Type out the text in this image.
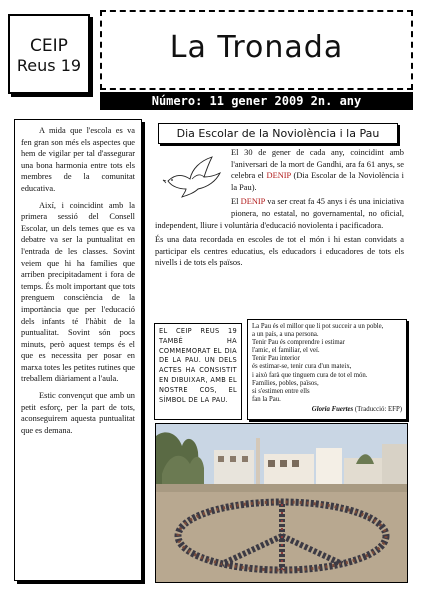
CEIP
Reus 19
La Tronada
Número: 11 gener 2009 2n. any

A mida que l'escola es va fen gran son més els aspectes que hem de vigilar per tal d'assegurar una bona harmonia entre tots els membres de la comunitat educativa.

Així, i coincidint amb la primera sessió del Consell Escolar, un dels temes que es va debatre va ser la puntualitat en l'entrada de les classes. Sovint veiem que hi ha famílies que arriben precipitadament i fora de temps. És molt important que tots prenguem consciència de la importància que per l'educació dels infants té l'hàbit de la puntualitat. Sovint són pocs minuts, però aquest temps és el que es necessita per posar en marxa totes les petites rutines que treballem diàriament a l'aula.

Estic convençut que amb un petit esforç, per la part de tots, aconseguirem aquesta puntualitat que es demana.

Dia Escolar de la Noviolència i la Pau

El 30 de gener de cada any, coincidint amb l'aniversari de la mort de Gandhi, ara fa 61 anys, se celebra el DENIP (Dia Escolar de la Noviolència i la Pau).

El DENIP va ser creat fa 45 anys i és una iniciativa pionera, no estatal, no governamental, no oficial, independent, lliure i voluntària d'educació noviolenta i pacificadora.

És una data recordada en escoles de tot el món i hi estan convidats a participar els centres educatius, els educadors i educadores de tots els nivells i de tots els països.

EL CEIP REUS 19 TAMBÉ HA COMMEMORAT EL DIA DE LA PAU. UN DELS ACTES HA CONSISTIT EN DIBUIXAR, AMB EL NOSTRE COS, EL SÍMBOL DE LA PAU.
La Pau és el millor que li pot succeir a un poble,
a un país, a una persona.
Tenir Pau és comprendre i estimar
l'amic, el familiar, el veí.
Tenir Pau interior
és estimar-se, tenir cura d'un mateix,
i això farà que tinguem cura de tot el món.
Famílies, pobles, països,
si s'estimen entre ells
fan la Pau.
Gloria Fuertes (Traducció: EFP)
